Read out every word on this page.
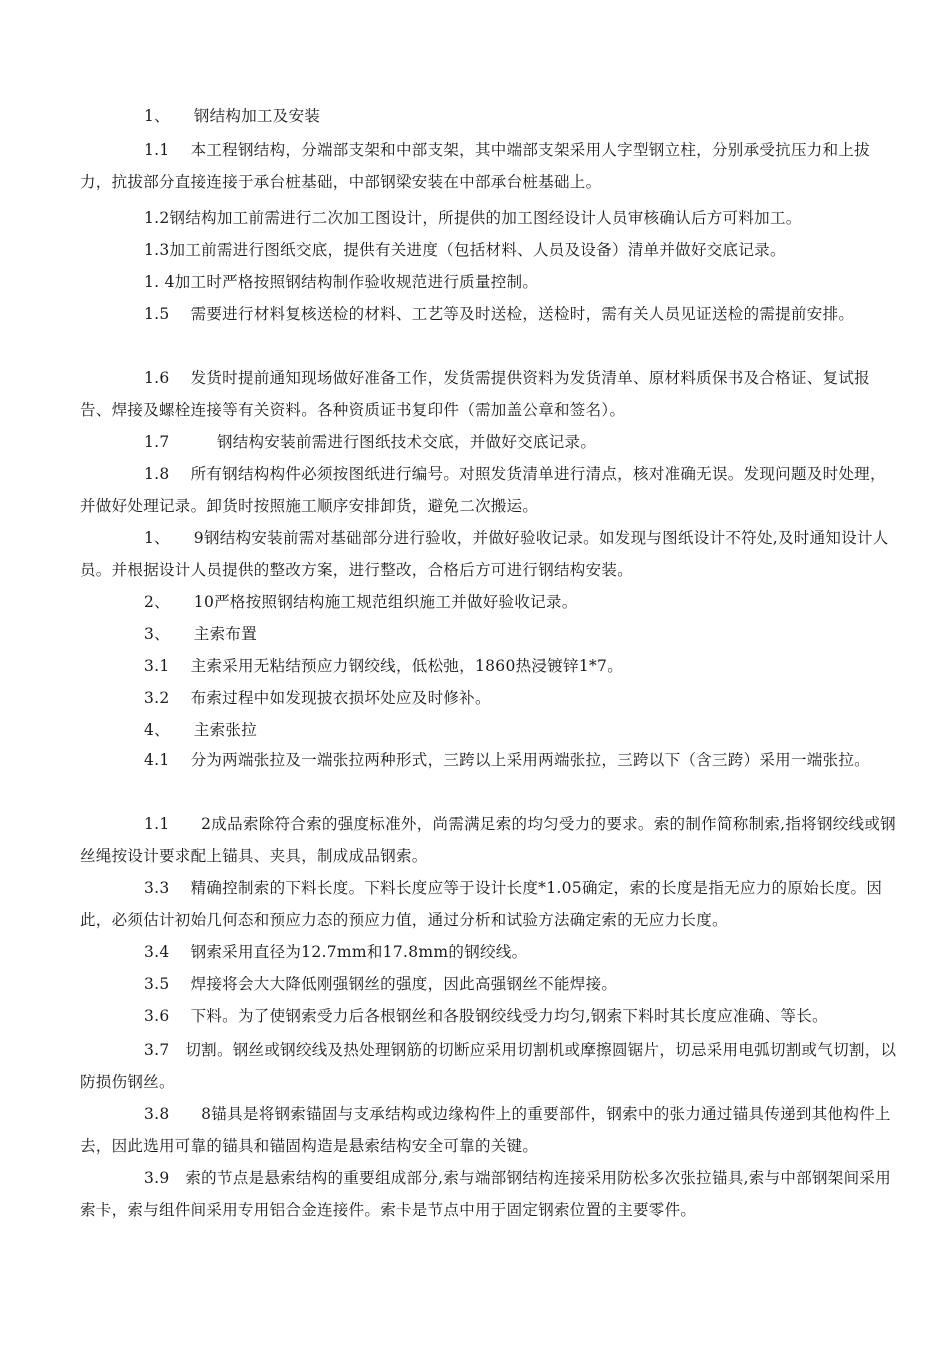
1、　　钢结构加工及安装
1.1　 本工程钢结构，分端部支架和中部支架，其中端部支架采用人字型钢立柱，分别承受抗压力和上拔力，抗拔部分直接连接于承台桩基础，中部钢梁安装在中部承台桩基础上。
1.2钢结构加工前需进行二次加工图设计，所提供的加工图经设计人员审核确认后方可料加工。
1.3加工前需进行图纸交底，提供有关进度（包括材料、人员及设备）清单并做好交底记录。
1. 4加工时严格按照钢结构制作验收规范进行质量控制。
1.5　 需要进行材料复核送检的材料、工艺等及时送检，送检时，需有关人员见证送检的需提前安排。
1.6　 发货时提前通知现场做好准备工作，发货需提供资料为发货清单、原材料质保书及合格证、复试报告、焊接及螺栓连接等有关资料。各种资质证书复印件（需加盖公章和签名）。
1.7　　　钢结构安装前需进行图纸技术交底，并做好交底记录。
1.8　 所有钢结构构件必须按图纸进行编号。对照发货清单进行清点，核对准确无误。发现问题及时处理，并做好处理记录。卸货时按照施工顺序安排卸货，避免二次搬运。
1、　　9钢结构安装前需对基础部分进行验收，并做好验收记录。如发现与图纸设计不符处,及时通知设计人员。并根据设计人员提供的整改方案，进行整改，合格后方可进行钢结构安装。
2、　　10严格按照钢结构施工规范组织施工并做好验收记录。
3、　　主索布置
3.1　 主索采用无粘结预应力钢绞线，低松弛，1860热浸镀锌1*7。
3.2　 布索过程中如发现披衣损坏处应及时修补。
4、　　主索张拉
4.1　 分为两端张拉及一端张拉两种形式，三跨以上采用两端张拉，三跨以下（含三跨）采用一端张拉。
1.1　　2成品索除符合索的强度标准外，尚需满足索的均匀受力的要求。索的制作简称制索,指将钢绞线或钢丝绳按设计要求配上锚具、夹具，制成成品钢索。
3.3　 精确控制索的下料长度。下料长度应等于设计长度*1.05确定，索的长度是指无应力的原始长度。因此，必须估计初始几何态和预应力态的预应力值，通过分析和试验方法确定索的无应力长度。
3.4　 钢索采用直径为12.7mm和17.8mm的钢绞线。
3.5　 焊接将会大大降低刚强钢丝的强度，因此高强钢丝不能焊接。
3.6　 下料。为了使钢索受力后各根钢丝和各股钢绞线受力均匀,钢索下料时其长度应准确、等长。
3.7　切割。钢丝或钢绞线及热处理钢筋的切断应采用切割机或摩擦圆锯片，切忌采用电弧切割或气切割，以防损伤钢丝。
3.8　　8锚具是将钢索锚固与支承结构或边缘构件上的重要部件，钢索中的张力通过锚具传递到其他构件上去，因此选用可靠的锚具和锚固构造是悬索结构安全可靠的关键。
3.9　索的节点是悬索结构的重要组成部分,索与端部钢结构连接采用防松多次张拉锚具,索与中部钢架间采用索卡，索与组件间采用专用铝合金连接件。索卡是节点中用于固定钢索位置的主要零件。
